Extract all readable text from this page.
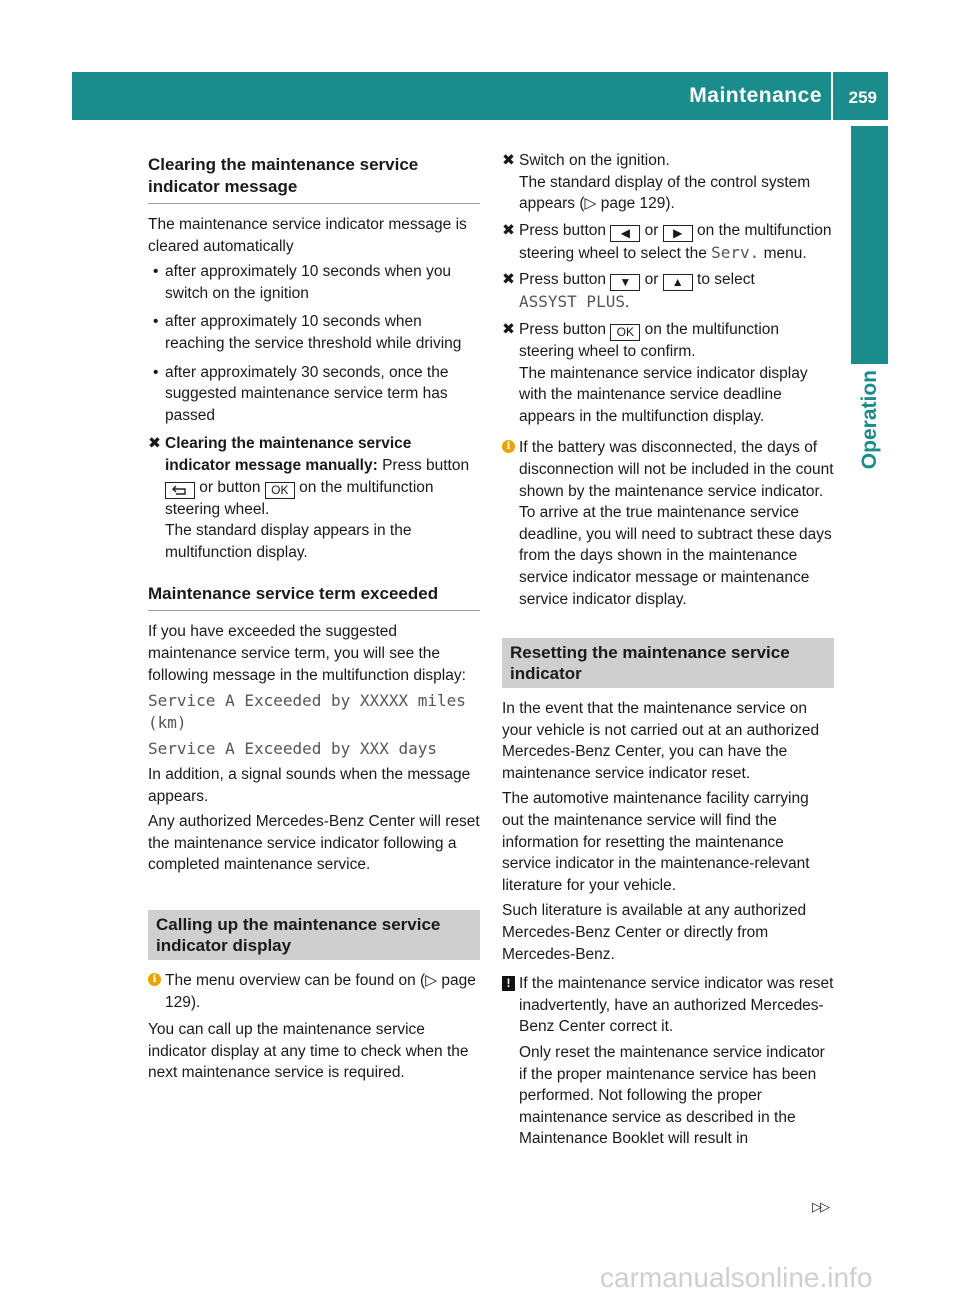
Maintenance 259
Operation
Clearing the maintenance service indicator message

The maintenance service indicator message is cleared automatically

• after approximately 10 seconds when you switch on the ignition
• after approximately 10 seconds when reaching the service threshold while driving
• after approximately 30 seconds, once the suggested maintenance service term has passed
✖︎ Clearing the maintenance service indicator message manually: Press button  or button OK on the multifunction steering wheel.
The standard display appears in the multifunction display.
Maintenance service term exceeded

If you have exceeded the suggested maintenance service term, you will see the following message in the multifunction display:

Service A Exceeded by XXXXX miles (km)
Service A Exceeded by XXX days

In addition, a signal sounds when the message appears.

Any authorized Mercedes-Benz Center will reset the maintenance service indicator following a completed maintenance service.

Calling up the maintenance service indicator display
i The menu overview can be found on (▷ page 129).

You can call up the maintenance service indicator display at any time to check when the next maintenance service is required.

✖︎ Switch on the ignition.
The standard display of the control system appears (▷ page 129).
✖︎ Press button ◀ or ▶ on the multifunction steering wheel to select the Serv. menu.
✖︎ Press button ▼ or ▲ to select
ASSYST PLUS.
✖︎ Press button OK on the multifunction steering wheel to confirm.
The maintenance service indicator display with the maintenance service deadline appears in the multifunction display.
i If the battery was disconnected, the days of disconnection will not be included in the count shown by the maintenance service indicator. To arrive at the true maintenance service deadline, you will need to subtract these days from the days shown in the maintenance service indicator message or maintenance service indicator display.
Resetting the maintenance service indicator

In the event that the maintenance service on your vehicle is not carried out at an authorized Mercedes-Benz Center, you can have the maintenance service indicator reset.

The automotive maintenance facility carrying out the maintenance service will find the information for resetting the maintenance service indicator in the maintenance-relevant literature for your vehicle.

Such literature is available at any authorized Mercedes-Benz Center or directly from Mercedes-Benz.

! If the maintenance service indicator was reset inadvertently, have an authorized Mercedes-Benz Center correct it.

Only reset the maintenance service indicator if the proper maintenance service has been performed. Not following the proper maintenance service as described in the Maintenance Booklet will result in

▷▷
carmanualsonline.info
